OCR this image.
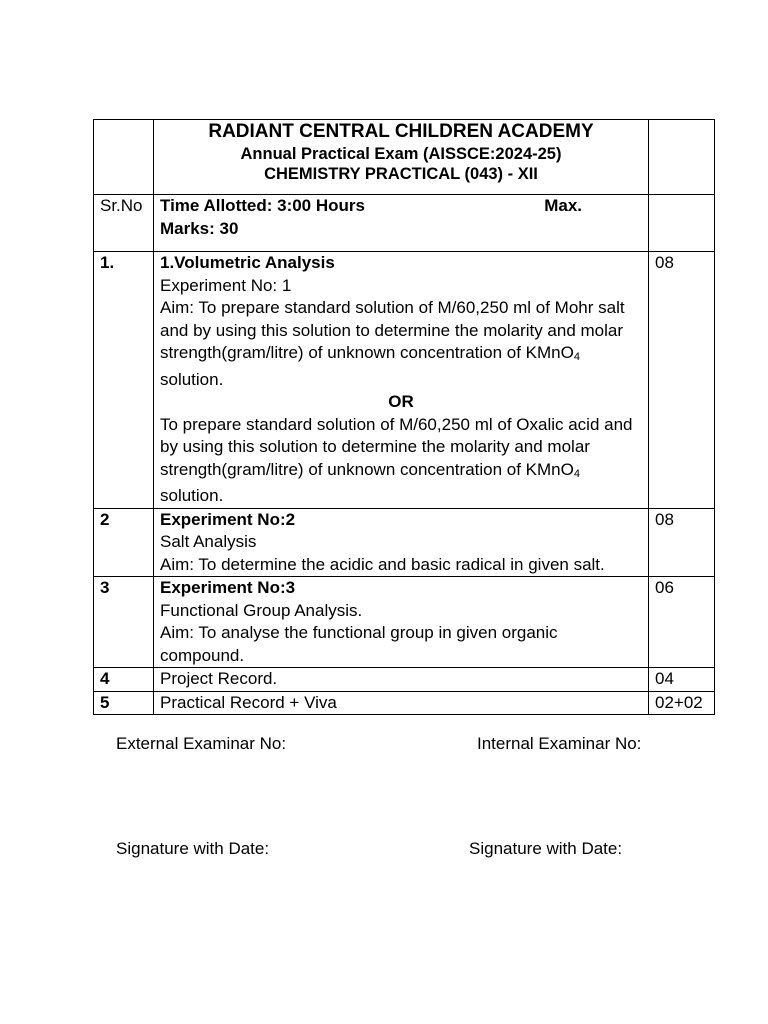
	RADIANT CENTRAL CHILDREN ACADEMY
Annual Practical Exam (AISSCE:2024-25)
CHEMISTRY PRACTICAL (043) - XII	

Sr.No	Time Allotted: 3:00 Hours Max.
Marks: 30	

1.	1.Volumetric Analysis
Experiment No: 1
Aim: To prepare standard solution of M/60,250 ml of Mohr salt and by using this solution to determine the molarity and molar strength(gram/litre) of unknown concentration of KMnO$_4$ solution.
OR
To prepare standard solution of M/60,250 ml of Oxalic acid and by using this solution to determine the molarity and molar strength(gram/litre) of unknown concentration of KMnO$_4$ solution.	08
2	Experiment No:2
Salt Analysis
Aim: To determine the acidic and basic radical in given salt.	08
3	Experiment No:3
Functional Group Analysis.
Aim: To analyse the functional group in given organic compound.	06
4	Project Record.	04
5	Practical Record + Viva	02+02
External Examinar No:	Internal Examinar No:
Signature with Date:	Signature with Date:
